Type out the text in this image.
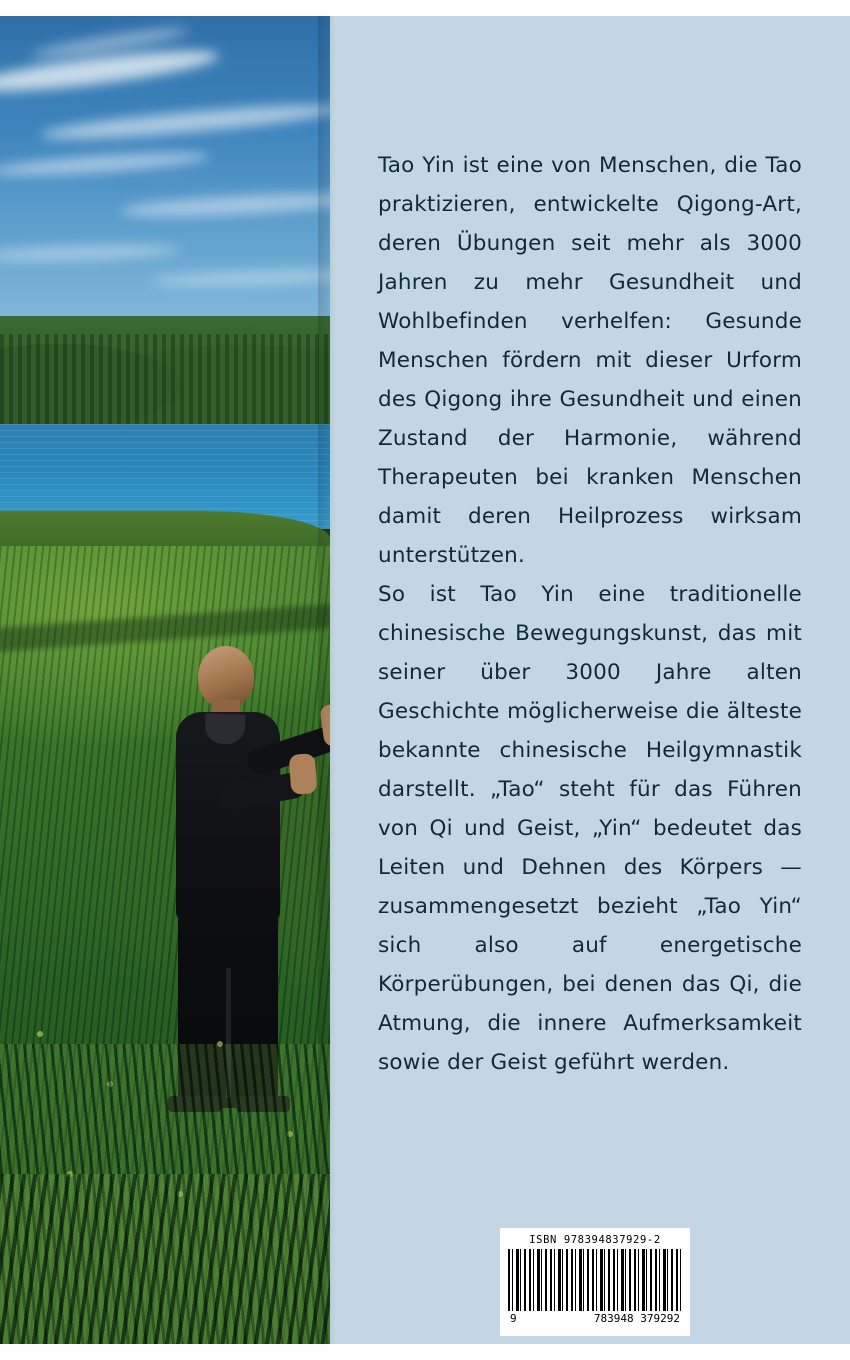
Tao Yin ist eine von Menschen, die Tao praktizieren, entwickelte Qigong-Art, deren Übungen seit mehr als 3000 Jahren zu mehr Gesundheit und Wohlbefinden verhelfen: Gesunde Menschen fördern mit dieser Urform des Qigong ihre Gesundheit und einen Zustand der Harmonie, während Therapeuten bei kranken Menschen damit deren Heilprozess wirksam unterstützen.

So ist Tao Yin eine traditionelle chinesische Bewegungskunst, das mit seiner über 3000 Jahre alten Geschichte möglicherweise die älteste bekannte chinesische Heilgymnastik darstellt. „Tao“ steht für das Führen von Qi und Geist, „Yin“ bedeutet das Leiten und Dehnen des Körpers — zusammengesetzt bezieht „Tao Yin“ sich also auf energetische Körperübungen, bei denen das Qi, die Atmung, die innere Aufmerksamkeit sowie der Geist geführt werden.

ISBN 978394837929-2
9	783948 379292
